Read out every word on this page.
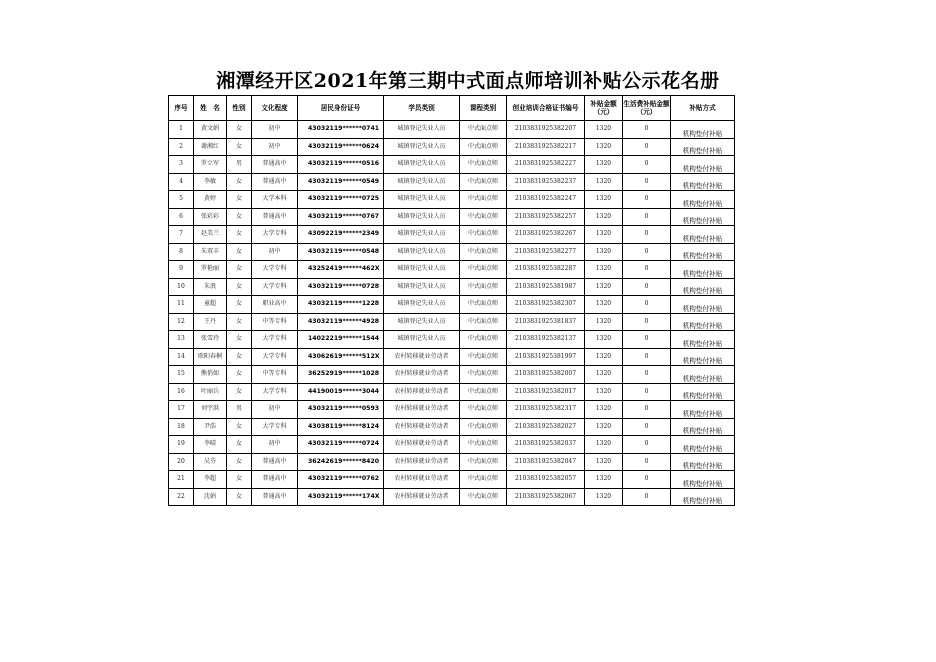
湘潭经开区2021年第三期中式面点师培训补贴公示花名册
序号	姓　名	性别	文化程度	居民身份证号	学员类别	课程类别	创业培训合格证书编号	补贴金额（元）	生活费补贴金额（元）	补贴方式
1	黄文娟	女	初中	43032119******0741	城镇登记失业人员	中式面点师	2103831925382207	1320	0	机构垫付补贴
2	谢湘红	女	初中	43032119******0624	城镇登记失业人员	中式面点师	2103831925382217	1320	0	机构垫付补贴
3	罗立军	男	普通高中	43032119******0516	城镇登记失业人员	中式面点师	2103831925382227	1320	0	机构垫付补贴
4	李敏	女	普通高中	43032119******0549	城镇登记失业人员	中式面点师	2103831925382237	1320	0	机构垫付补贴
5	黄婷	女	大学本科	43032119******0725	城镇登记失业人员	中式面点师	2103831925382247	1320	0	机构垫付补贴
6	张彩彩	女	普通高中	43032119******0767	城镇登记失业人员	中式面点师	2103831925382257	1320	0	机构垫付补贴
7	赵美兰	女	大学专科	43092219******2349	城镇登记失业人员	中式面点师	2103831925382267	1320	0	机构垫付补贴
8	朱双丰	女	初中	43032119******0548	城镇登记失业人员	中式面点师	2103831925382277	1320	0	机构垫付补贴
9	罗艳丽	女	大学专科	43252419******462X	城镇登记失业人员	中式面点师	2103831925382287	1320	0	机构垫付补贴
10	朱浪	女	大学专科	43032119******0728	城镇登记失业人员	中式面点师	2103831925381987	1320	0	机构垫付补贴
11	童超	女	职业高中	43032119******1228	城镇登记失业人员	中式面点师	2103831925382307	1320	0	机构垫付补贴
12	王丹	女	中等专科	43032119******4928	城镇登记失业人员	中式面点师	2103831925381837	1320	0	机构垫付补贴
13	张雪玲	女	大学专科	14022219******1544	城镇登记失业人员	中式面点师	2103831925382137	1320	0	机构垫付补贴
14	欧阳春桐	女	大学专科	43062619******512X	农村转移就业劳动者	中式面点师	2103831925381997	1320	0	机构垫付补贴
15	熊俏如	女	中等专科	36252919******1028	农村转移就业劳动者	中式面点师	2103831925382007	1320	0	机构垫付补贴
16	叶丽兵	女	大学专科	44190019******3044	农村转移就业劳动者	中式面点师	2103831925382017	1320	0	机构垫付补贴
17	刘宇洪	男	初中	43032119******0593	农村转移就业劳动者	中式面点师	2103831925382317	1320	0	机构垫付补贴
18	尹浩	女	大学专科	43038119******8124	农村转移就业劳动者	中式面点师	2103831925382027	1320	0	机构垫付补贴
19	李晴	女	初中	43032119******0724	农村转移就业劳动者	中式面点师	2103831925382037	1320	0	机构垫付补贴
20	吴芬	女	普通高中	36242619******8420	农村转移就业劳动者	中式面点师	2103831925382047	1320	0	机构垫付补贴
21	李超	女	普通高中	43032119******0762	农村转移就业劳动者	中式面点师	2103831925382057	1320	0	机构垫付补贴
22	沈娟	女	普通高中	43032119******174X	农村转移就业劳动者	中式面点师	2103831925382067	1320	0	机构垫付补贴
